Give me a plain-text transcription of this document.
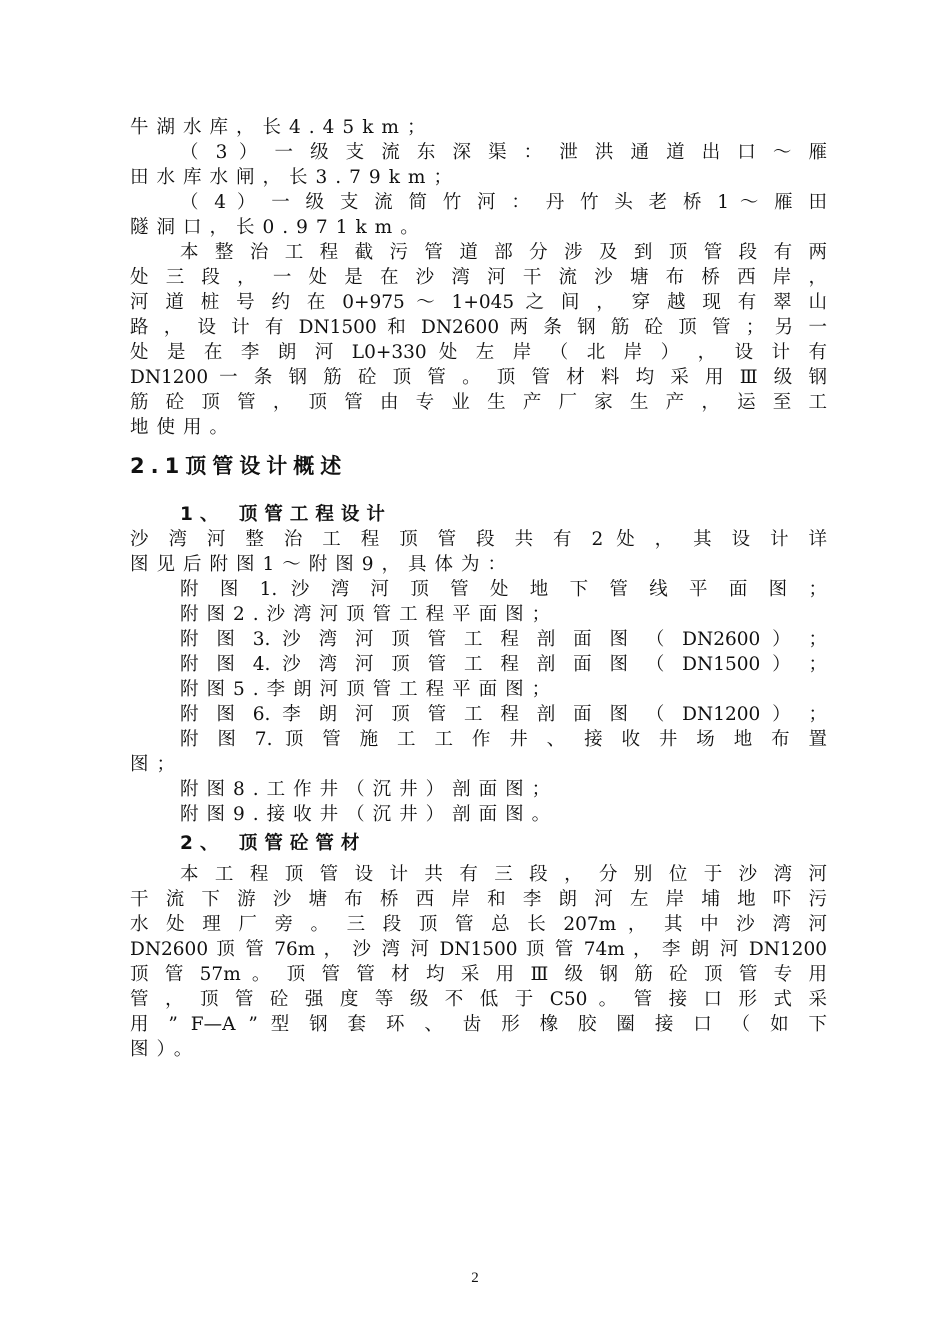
牛湖水库，长4.45km；
（ 3 ） 一 级 支 流 东 深 渠 ： 泄 洪 通 道 出 口 ～ 雁
田水库水闸，长3.79km；
（ 4 ） 一 级 支 流 简 竹 河 ： 丹 竹 头 老 桥 1 ～ 雁 田
隧洞口，长0.971km。
本 整 治 工 程 截 污 管 道 部 分 涉 及 到 顶 管 段 有 两
处 三 段 ， 一 处 是 在 沙 湾 河 干 流 沙 塘 布 桥 西 岸 ，
河 道 桩 号 约 在 0+975 ～ 1+045 之 间 ， 穿 越 现 有 翠 山
路 ， 设 计 有 DN1500 和 DN2600 两 条 钢 筋 砼 顶 管 ； 另 一
处 是 在 李 朗 河 L0+330 处 左 岸 （ 北 岸 ） ， 设 计 有
DN1200 一 条 钢 筋 砼 顶 管 。 顶 管 材 料 均 采 用 Ⅲ 级 钢
筋 砼 顶 管 ， 顶 管 由 专 业 生 产 厂 家 生 产 ， 运 至 工
地使用。
2.1顶管设计概述
1、 顶管工程设计
沙 湾 河 整 治 工 程 顶 管 段 共 有 2 处 ， 其 设 计 详
图见后附图1～附图9，具体为：
附 图 1. 沙 湾 河 顶 管 处 地 下 管 线 平 面 图 ；
附图2.沙湾河顶管工程平面图；
附 图 3. 沙 湾 河 顶 管 工 程 剖 面 图 （ DN2600 ） ；
附 图 4. 沙 湾 河 顶 管 工 程 剖 面 图 （ DN1500 ） ；
附图5.李朗河顶管工程平面图；
附 图 6. 李 朗 河 顶 管 工 程 剖 面 图 （ DN1200 ） ；
附 图 7. 顶 管 施 工 工 作 井 、 接 收 井 场 地 布 置
图；
附图8.工作井（沉井）剖面图；
附图9.接收井（沉井）剖面图。
2、 顶管砼管材
本 工 程 顶 管 设 计 共 有 三 段 ， 分 别 位 于 沙 湾 河
干 流 下 游 沙 塘 布 桥 西 岸 和 李 朗 河 左 岸 埔 地 吓 污
水 处 理 厂 旁 。 三 段 顶 管 总 长 207m ， 其 中 沙 湾 河
DN2600 顶 管 76m ， 沙 湾 河 DN1500 顶 管 74m ， 李 朗 河 DN1200
顶 管 57m 。 顶 管 管 材 均 采 用 Ⅲ 级 钢 筋 砼 顶 管 专 用
管 ， 顶 管 砼 强 度 等 级 不 低 于 C50 。 管 接 口 形 式 采
用 ” F—A ” 型 钢 套 环 、 齿 形 橡 胶 圈 接 口 （ 如 下
图）。
2
